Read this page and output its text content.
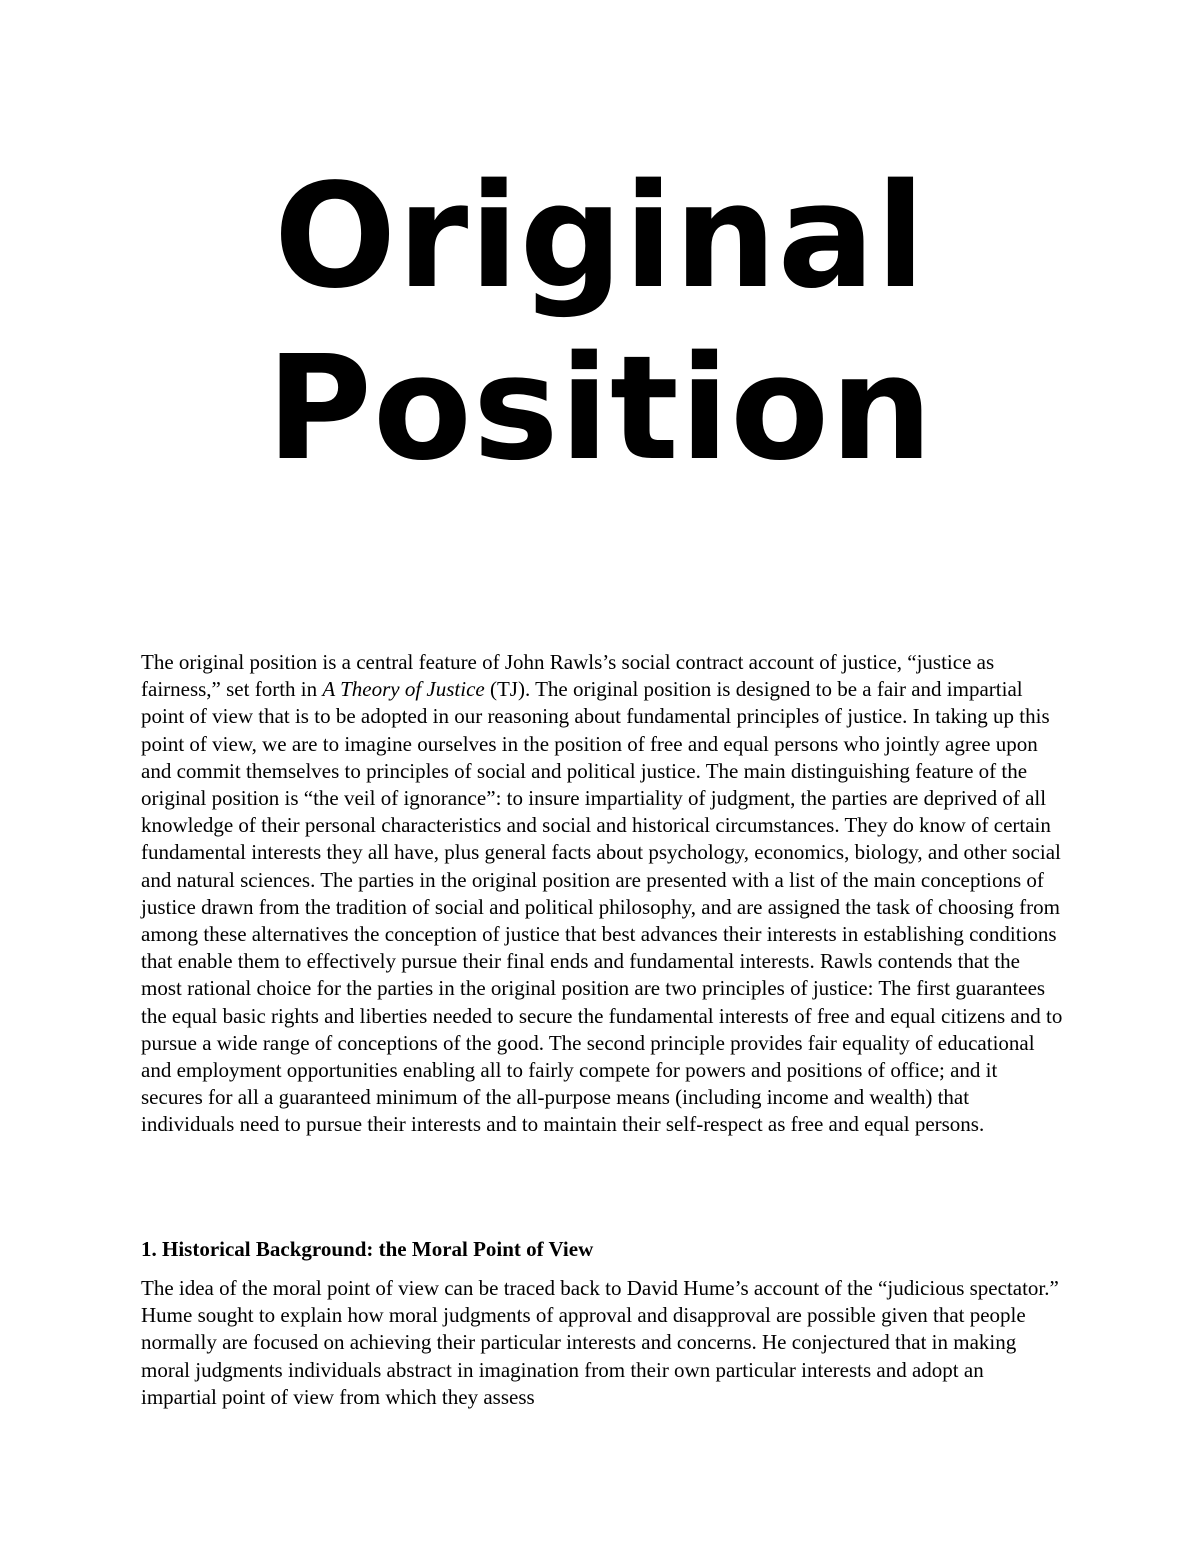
Original
Position

The original position is a central feature of John Rawls’s social contract account of justice, “justice as fairness,” set forth in A Theory of Justice (TJ). The original position is designed to be a fair and impartial point of view that is to be adopted in our reasoning about fundamental principles of justice. In taking up this point of view, we are to imagine ourselves in the position of free and equal persons who jointly agree upon and commit themselves to principles of social and political justice. The main distinguishing feature of the original position is “the veil of ignorance”: to insure impartiality of judgment, the parties are deprived of all knowledge of their personal characteristics and social and historical circumstances. They do know of certain fundamental interests they all have, plus general facts about psychology, economics, biology, and other social and natural sciences. The parties in the original position are presented with a list of the main conceptions of justice drawn from the tradition of social and political philosophy, and are assigned the task of choosing from among these alternatives the conception of justice that best advances their interests in establishing conditions that enable them to effectively pursue their final ends and fundamental interests. Rawls contends that the most rational choice for the parties in the original position are two principles of justice: The first guarantees the equal basic rights and liberties needed to secure the fundamental interests of free and equal citizens and to pursue a wide range of conceptions of the good. The second principle provides fair equality of educational and employment opportunities enabling all to fairly compete for powers and positions of office; and it secures for all a guaranteed minimum of the all-purpose means (including income and wealth) that individuals need to pursue their interests and to maintain their self-respect as free and equal persons.

1. Historical Background: the Moral Point of View

The idea of the moral point of view can be traced back to David Hume’s account of the “judicious spectator.” Hume sought to explain how moral judgments of approval and disapproval are possible given that people normally are focused on achieving their particular interests and concerns. He conjectured that in making moral judgments individuals abstract in imagination from their own particular interests and adopt an impartial point of view from which they assess
